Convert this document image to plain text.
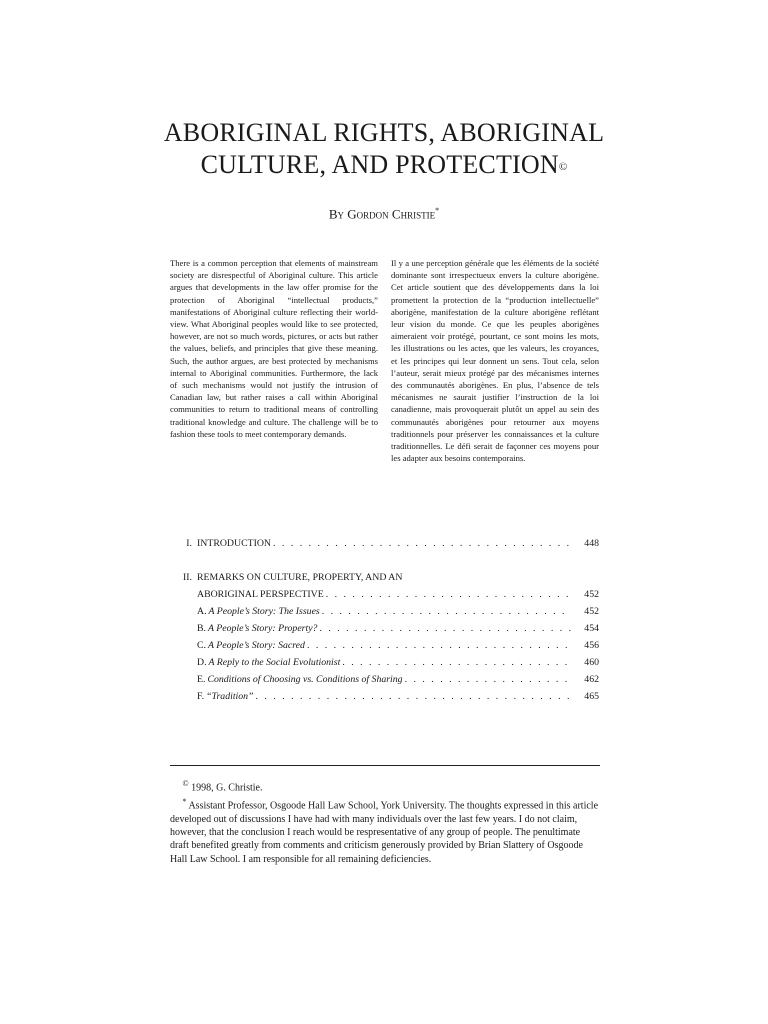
ABORIGINAL RIGHTS, ABORIGINAL
CULTURE, AND PROTECTION©
By Gordon Christie*
There is a common perception that elements of mainstream society are disrespectful of Aboriginal culture. This article argues that developments in the law offer promise for the protection of Aboriginal “intellectual products,” manifestations of Aboriginal culture reflecting their world-view. What Aboriginal peoples would like to see protected, however, are not so much words, pictures, or acts but rather the values, beliefs, and principles that give these meaning. Such, the author argues, are best protected by mechanisms internal to Aboriginal communities. Furthermore, the lack of such mechanisms would not justify the intrusion of Canadian law, but rather raises a call within Aboriginal communities to return to traditional means of controlling traditional knowledge and culture. The challenge will be to fashion these tools to meet contemporary demands.
Il y a une perception générale que les éléments de la société dominante sont irrespectueux envers la culture aborigène. Cet article soutient que des développements dans la loi promettent la protection de la “production intellectuelle” aborigène, manifestation de la culture aborigène reflétant leur vision du monde. Ce que les peuples aborigènes aimeraient voir protégé, pourtant, ce sont moins les mots, les illustrations ou les actes, que les valeurs, les croyances, et les principes qui leur donnent un sens. Tout cela, selon l’auteur, serait mieux protégé par des mécanismes internes des communautés aborigènes. En plus, l’absence de tels mécanismes ne saurait justifier l’instruction de la loi canadienne, mais provoquerait plutôt un appel au sein des communautés aborigènes pour retourner aux moyens traditionnels pour préserver les connaissances et la culture traditionnelles. Le défi serait de façonner ces moyens pour les adapter aux besoins contemporains.
I. INTRODUCTION . . .	448
II. REMARKS ON CULTURE, PROPERTY, AND AN
ABORIGINAL PERSPECTIVE . . .	452
A. A People’s Story: The Issues . . .	452
B. A People’s Story: Property? . . .	454
C. A People’s Story: Sacred . . .	456
D. A Reply to the Social Evolutionist . . .	460
E. Conditions of Choosing vs. Conditions of Sharing . . .	462
F. “Tradition” . . .	465
© 1998, G. Christie.
* Assistant Professor, Osgoode Hall Law School, York University. The thoughts expressed in this article developed out of discussions I have had with many individuals over the last few years. I do not claim, however, that the conclusion I reach would be respresentative of any group of people. The penultimate draft benefited greatly from comments and criticism generously provided by Brian Slattery of Osgoode Hall Law School. I am responsible for all remaining deficiencies.
